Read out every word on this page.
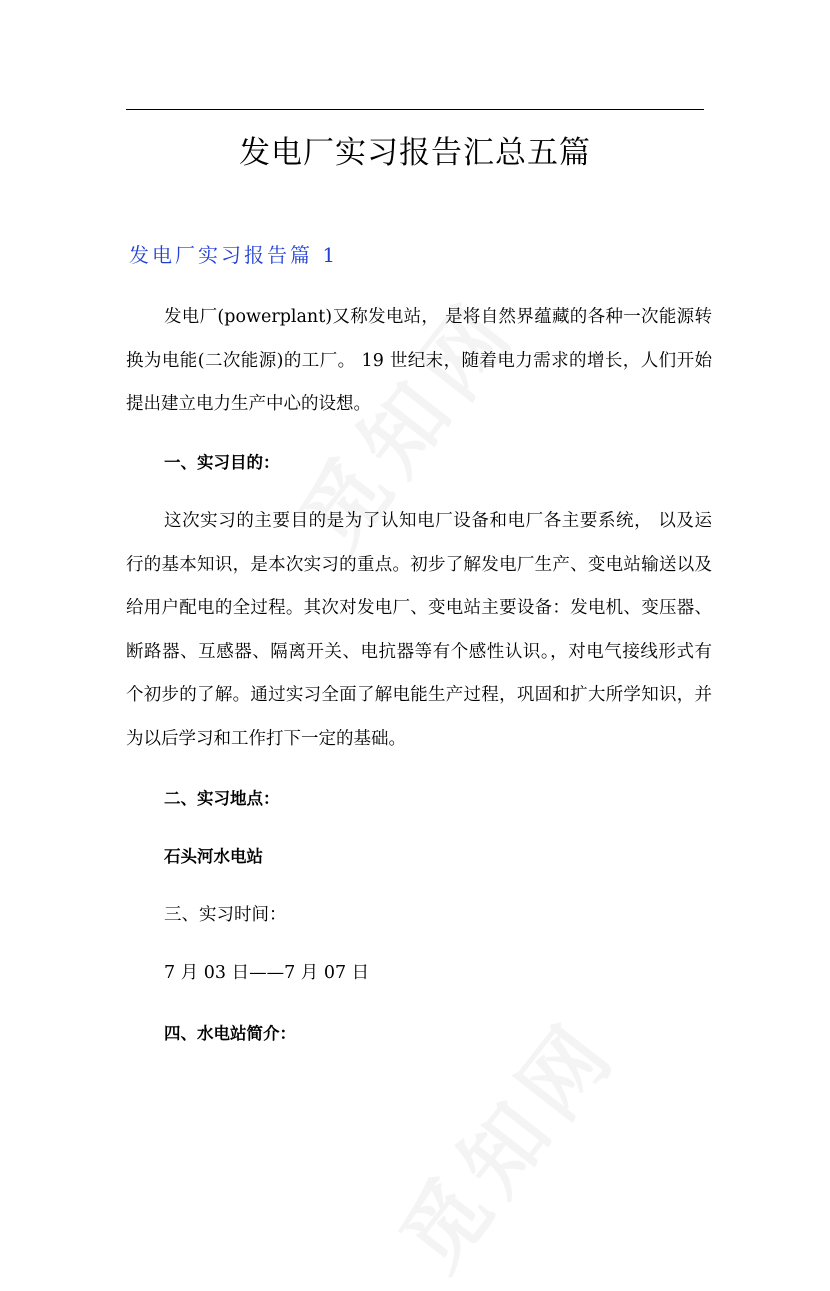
发电厂实习报告汇总五篇
发电厂实习报告篇 1

发电厂(powerplant)又称发电站， 是将自然界蕴藏的各种一次能源转换为电能(二次能源)的工厂。 19 世纪末，随着电力需求的增长，人们开始提出建立电力生产中心的设想。

一、实习目的：

这次实习的主要目的是为了认知电厂设备和电厂各主要系统， 以及运行的基本知识，是本次实习的重点。初步了解发电厂生产、变电站输送以及给用户配电的全过程。其次对发电厂、变电站主要设备：发电机、变压器、断路器、互感器、隔离开关、电抗器等有个感性认识。，对电气接线形式有个初步的了解。通过实习全面了解电能生产过程，巩固和扩大所学知识，并为以后学习和工作打下一定的基础。

二、实习地点：

石头河水电站

三、实习时间：

7 月 03 日——7 月 07 日

四、水电站简介：
